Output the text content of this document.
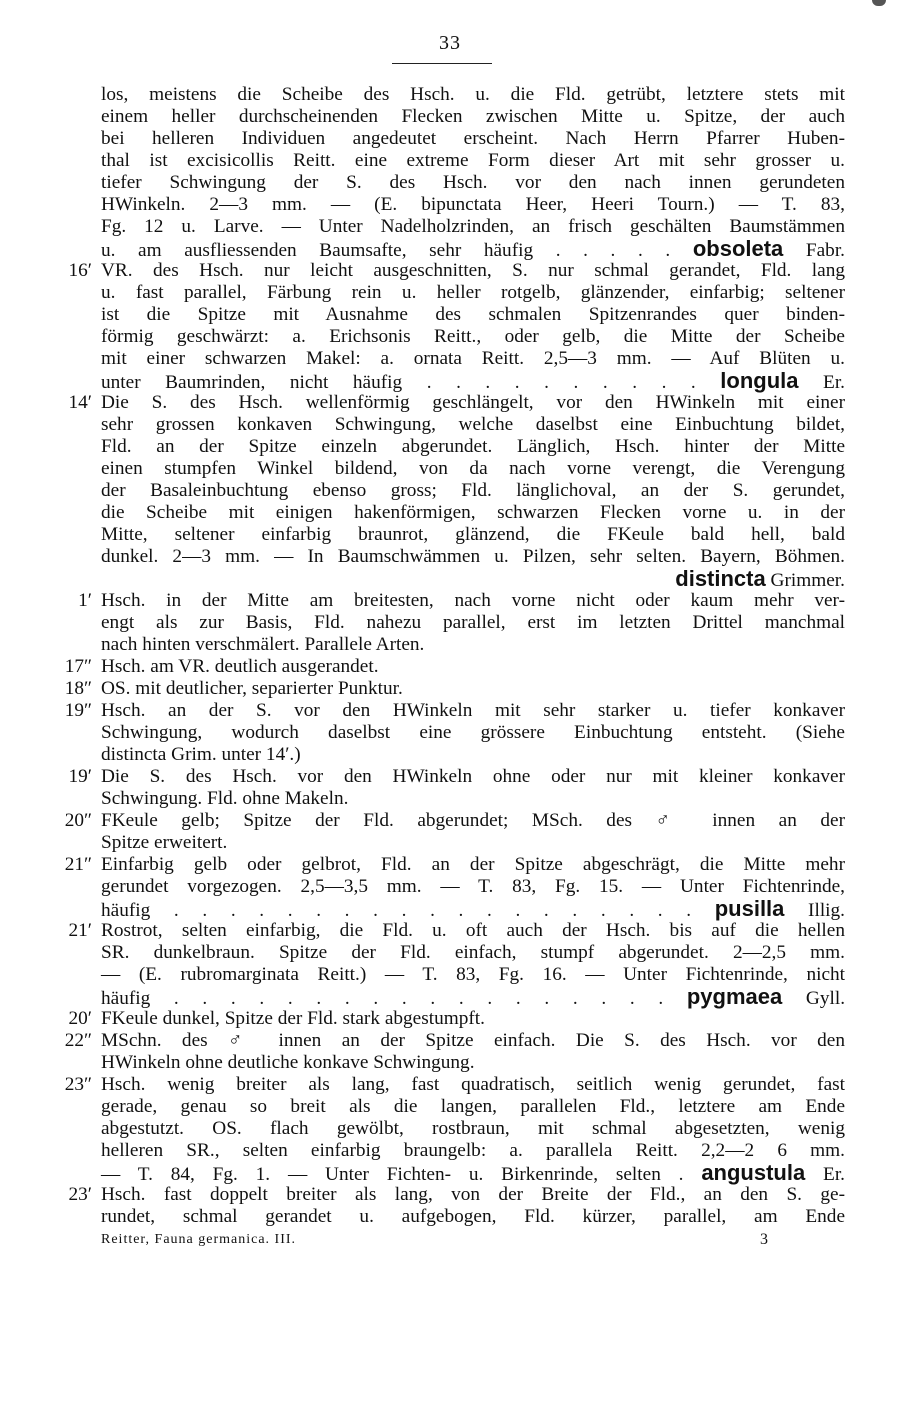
33
los, meistens die Scheibe des Hsch. u. die Fld. getrübt, letztere stets mit
einem heller durchscheinenden Flecken zwischen Mitte u. Spitze, der auch
bei helleren Individuen angedeutet erscheint. Nach Herrn Pfarrer Huben-
thal ist excisicollis Reitt. eine extreme Form dieser Art mit sehr grosser u.
tiefer Schwingung der S. des Hsch. vor den nach innen gerundeten
HWinkeln. 2—3 mm. — (E. bipunctata Heer, Heeri Tourn.) — T. 83,
Fg. 12 u. Larve. — Unter Nadelholzrinden, an frisch geschälten Baumstämmen
u. am ausfliessenden Baumsafte, sehr häufig . . . . . obsoleta Fabr.
16′ VR. des Hsch. nur leicht ausgeschnitten, S. nur schmal gerandet, Fld. lang
u. fast parallel, Färbung rein u. heller rotgelb, glänzender, einfarbig; seltener
ist die Spitze mit Ausnahme des schmalen Spitzenrandes quer binden-
förmig geschwärzt: a. Erichsonis Reitt., oder gelb, die Mitte der Scheibe
mit einer schwarzen Makel: a. ornata Reitt. 2,5—3 mm. — Auf Blüten u.
unter Baumrinden, nicht häufig . . . . . . . . . . longula Er.
14′ Die S. des Hsch. wellenförmig geschlängelt, vor den HWinkeln mit einer
sehr grossen konkaven Schwingung, welche daselbst eine Einbuchtung bildet,
Fld. an der Spitze einzeln abgerundet. Länglich, Hsch. hinter der Mitte
einen stumpfen Winkel bildend, von da nach vorne verengt, die Verengung
der Basaleinbuchtung ebenso gross; Fld. länglichoval, an der S. gerundet,
die Scheibe mit einigen hakenförmigen, schwarzen Flecken vorne u. in der
Mitte, seltener einfarbig braunrot, glänzend, die FKeule bald hell, bald
dunkel. 2—3 mm. — In Baumschwämmen u. Pilzen, sehr selten. Bayern, Böhmen.
distincta Grimmer.
1′ Hsch. in der Mitte am breitesten, nach vorne nicht oder kaum mehr ver-
engt als zur Basis, Fld. nahezu parallel, erst im letzten Drittel manchmal
nach hinten verschmälert. Parallele Arten.
17″ Hsch. am VR. deutlich ausgerandet.
18″ OS. mit deutlicher, separierter Punktur.
19″ Hsch. an der S. vor den HWinkeln mit sehr starker u. tiefer konkaver
Schwingung, wodurch daselbst eine grössere Einbuchtung entsteht. (Siehe
distincta Grim. unter 14′.)
19′ Die S. des Hsch. vor den HWinkeln ohne oder nur mit kleiner konkaver
Schwingung. Fld. ohne Makeln.
20″ FKeule gelb; Spitze der Fld. abgerundet; MSch. des ♂ innen an der
Spitze erweitert.
21″ Einfarbig gelb oder gelbrot, Fld. an der Spitze abgeschrägt, die Mitte mehr
gerundet vorgezogen. 2,5—3,5 mm. — T. 83, Fg. 15. — Unter Fichtenrinde,
häufig . . . . . . . . . . . . . . . . . . . pusilla Illig.
21′ Rostrot, selten einfarbig, die Fld. u. oft auch der Hsch. bis auf die hellen
SR. dunkelbraun. Spitze der Fld. einfach, stumpf abgerundet. 2—2,5 mm.
— (E. rubromarginata Reitt.) — T. 83, Fg. 16. — Unter Fichtenrinde, nicht
häufig . . . . . . . . . . . . . . . . . . pygmaea Gyll.
20′ FKeule dunkel, Spitze der Fld. stark abgestumpft.
22″ MSchn. des ♂ innen an der Spitze einfach. Die S. des Hsch. vor den
HWinkeln ohne deutliche konkave Schwingung.
23″ Hsch. wenig breiter als lang, fast quadratisch, seitlich wenig gerundet, fast
gerade, genau so breit als die langen, parallelen Fld., letztere am Ende
abgestutzt. OS. flach gewölbt, rostbraun, mit schmal abgesetzten, wenig
helleren SR., selten einfarbig braungelb: a. parallela Reitt. 2,2—2 6 mm.
— T. 84, Fg. 1. — Unter Fichten- u. Birkenrinde, selten . angustula Er.
23′ Hsch. fast doppelt breiter als lang, von der Breite der Fld., an den S. ge-
rundet, schmal gerandet u. aufgebogen, Fld. kürzer, parallel, am Ende
Reitter, Fauna germanica. III.	3
